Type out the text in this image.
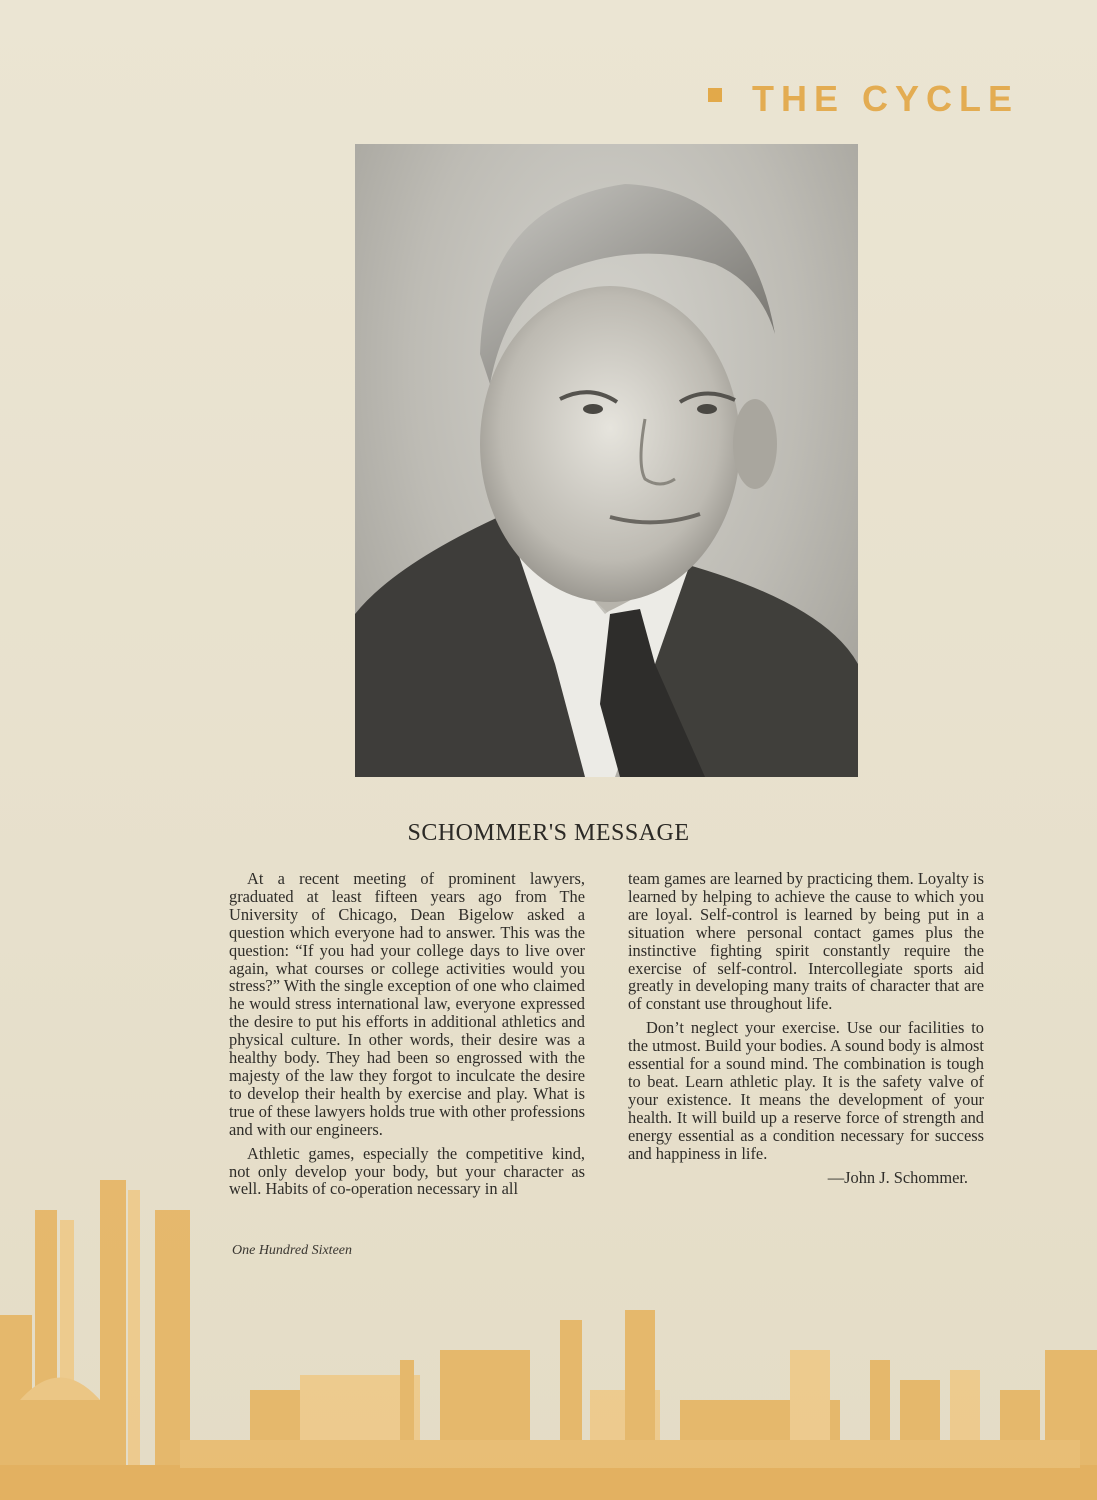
THE CYCLE
SCHOMMER'S MESSAGE

At a recent meeting of prominent lawyers, graduated at least fifteen years ago from The University of Chicago, Dean Bigelow asked a question which everyone had to answer. This was the question: “If you had your college days to live over again, what courses or college activities would you stress?” With the single exception of one who claimed he would stress international law, everyone expressed the desire to put his efforts in additional athletics and physical culture. In other words, their desire was a healthy body. They had been so engrossed with the majesty of the law they forgot to inculcate the desire to develop their health by exercise and play. What is true of these lawyers holds true with other professions and with our engineers.

Athletic games, especially the competitive kind, not only develop your body, but your character as well. Habits of co-operation necessary in all

team games are learned by practicing them. Loyalty is learned by helping to achieve the cause to which you are loyal. Self-control is learned by being put in a situation where personal contact games plus the instinctive fighting spirit constantly require the exercise of self-control. Intercollegiate sports aid greatly in developing many traits of character that are of constant use throughout life.

Don’t neglect your exercise. Use our facilities to the utmost. Build your bodies. A sound body is almost essential for a sound mind. The combination is tough to beat. Learn athletic play. It is the safety valve of your existence. It means the development of your health. It will build up a reserve force of strength and energy essential as a condition necessary for success and happiness in life.

—John J. Schommer.
One Hundred Sixteen
